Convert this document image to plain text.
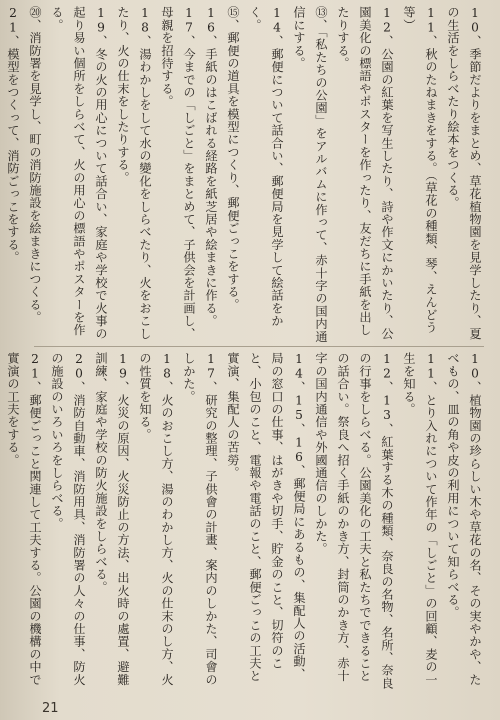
10、季節だよりをまとめ、草花植物園を見学したり、夏の生活をしらべたり絵本をつくる。
11、秋のたねまきをする。（草花の種類、琴、えんどう等）
12、公園の紅葉を写生したり、詩や作文にかいたり、公園美化の標語やポスターを作ったり、友だちに手紙を出したりする。
⑬、「私たちの公園」をアルバムに作って、赤十字の国内通信にする。
14、郵便について話合い、郵便局を見学して絵話をかく。
⑮、郵便の道具を模型につくり、郵便ごっこをする。
16、手紙のはこばれる経路を紙芝居や絵まきに作る。
17、今までの「しごと」をまとめて、子供会を計画し、母親を招待する。
18、湯わかしをして水の變化をしらべたり、火をおこしたり、火の仕末をしたりする。
19、冬の火の用心について話合い、家庭や学校で火事の起り易い個所をしらべて、火の用心の標語やポスターを作る。
⑳、消防署を見学し、町の消防施設を絵まきにつくる。
21、模型をつくって、消防ごっこをする。
10、植物園の珍らしい木や草花の名、その実やかや、たべもの、皿の角や皮の利用について知らべる。
11、とり入れについて作年の「しごと」の回顧、麦の一生を知る。
12、13、紅葉する木の種類、奈良の名物、名所、奈良の行事をしらべる。公園美化の工夫と私たちでできることの話合い。祭良へ招く手紙のかき方、封筒のかき方、赤十字の国内通信や外國通信のしかた。
14、15、16、郵便局にあるもの、集配人の活動、局の窓口の仕事、はがきや切手、貯金のこと、切符のこと、小包のこと、電報や電話のこと、郵便ごっこの工夫と實演、集配人の苦勞。
17、研究の整理、子供會の計畫、案内のしかた、司會のしかた。
18、火のおこし方、湯のわかし方、火の仕末のし方、火の性質を知る。
19、火災の原因、火災防止の方法、出火時の處置、避難訓練、家庭や学校の防火施設をしらべる。
20、消防自動車、消防用具、消防署の人々の仕事、防火の施設のいろいろをしらべる。
21、郵便ごっこと関連して工夫する。公園の機構の中で實演の工夫をする。
21
